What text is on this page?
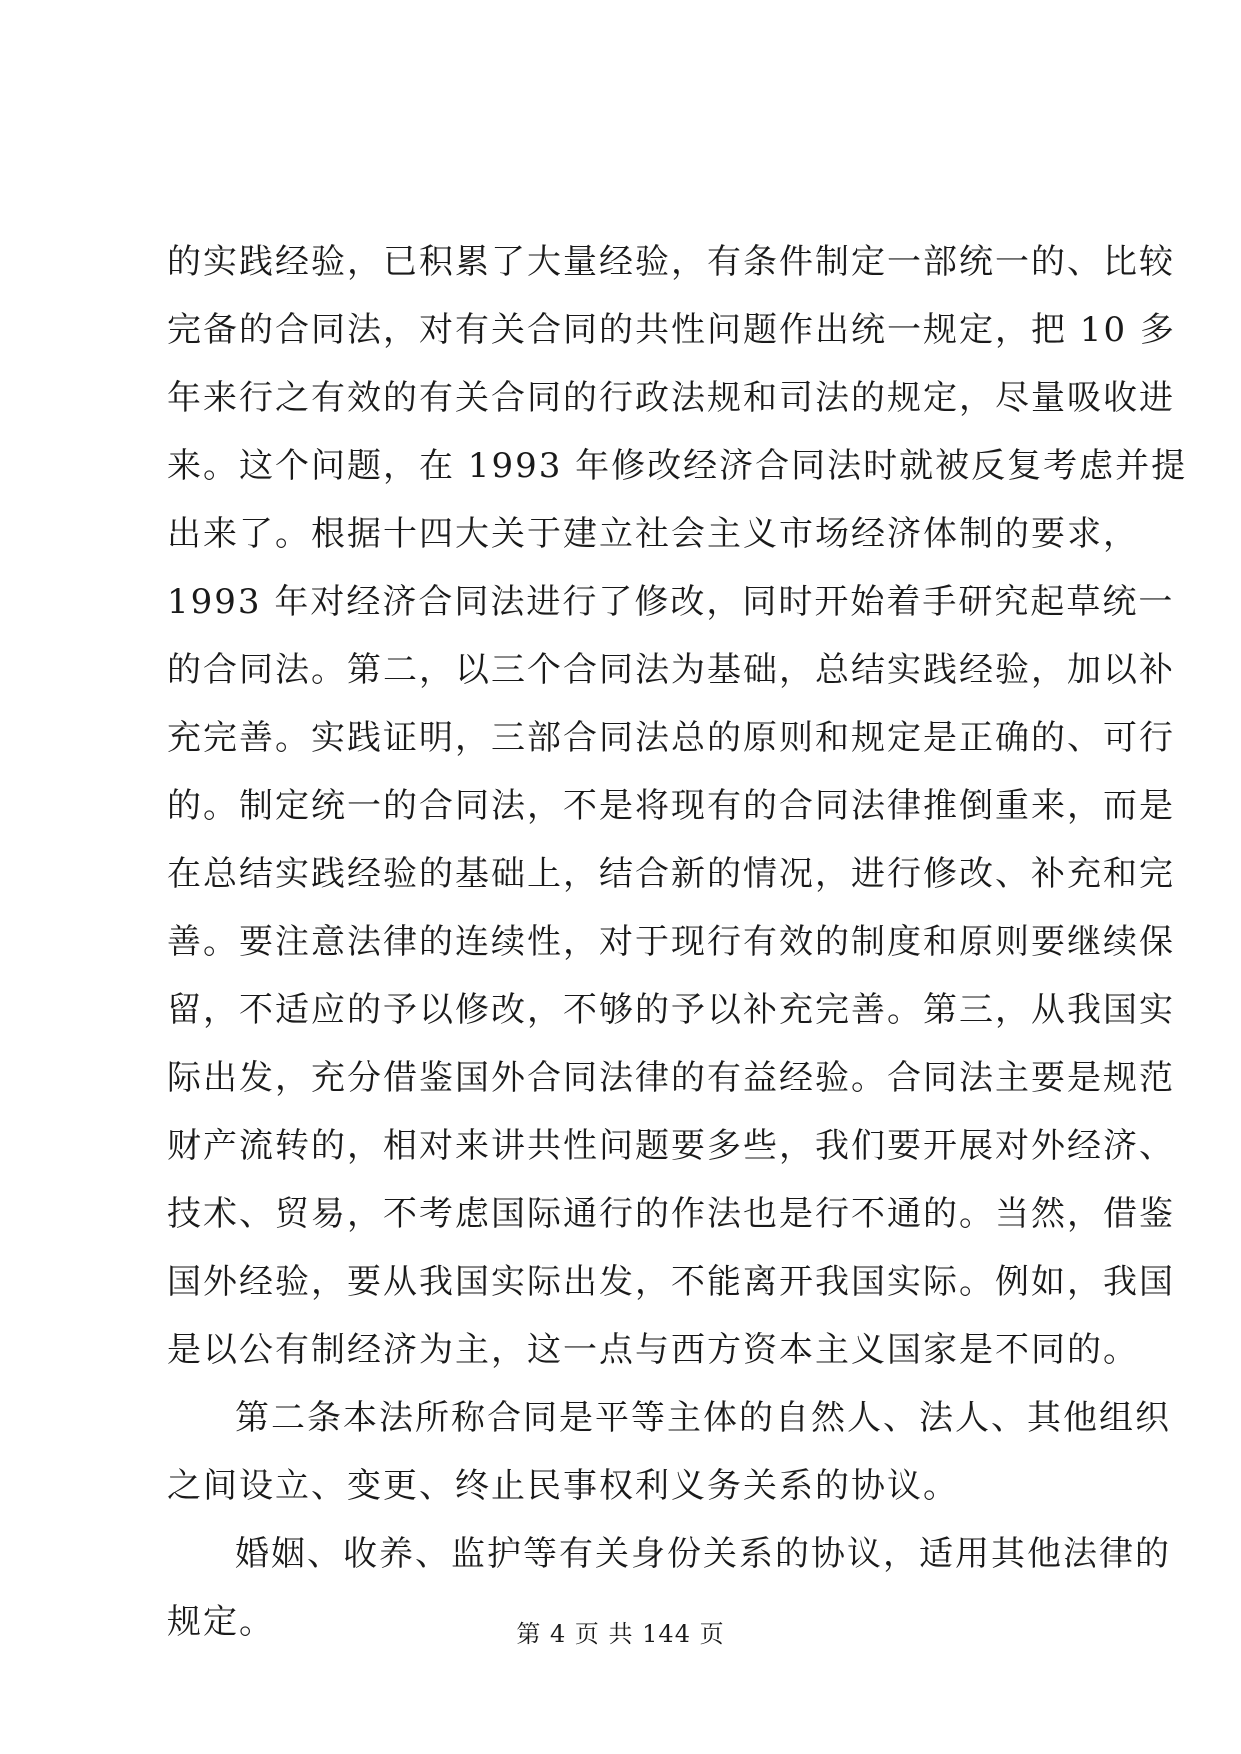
的实践经验，已积累了大量经验，有条件制定一部统一的、比较
完备的合同法，对有关合同的共性问题作出统一规定，把 10 多
年来行之有效的有关合同的行政法规和司法的规定，尽量吸收进
来。这个问题，在 1993 年修改经济合同法时就被反复考虑并提
出来了。根据十四大关于建立社会主义市场经济体制的要求，
1993 年对经济合同法进行了修改，同时开始着手研究起草统一
的合同法。第二，以三个合同法为基础，总结实践经验，加以补
充完善。实践证明，三部合同法总的原则和规定是正确的、可行
的。制定统一的合同法，不是将现有的合同法律推倒重来，而是
在总结实践经验的基础上，结合新的情况，进行修改、补充和完
善。要注意法律的连续性，对于现行有效的制度和原则要继续保
留，不适应的予以修改，不够的予以补充完善。第三，从我国实
际出发，充分借鉴国外合同法律的有益经验。合同法主要是规范
财产流转的，相对来讲共性问题要多些，我们要开展对外经济、
技术、贸易，不考虑国际通行的作法也是行不通的。当然，借鉴
国外经验，要从我国实际出发，不能离开我国实际。例如，我国
是以公有制经济为主，这一点与西方资本主义国家是不同的。
第二条本法所称合同是平等主体的自然人、法人、其他组织
之间设立、变更、终止民事权利义务关系的协议。
婚姻、收养、监护等有关身份关系的协议，适用其他法律的
规定。	第 4 页 共 144 页
